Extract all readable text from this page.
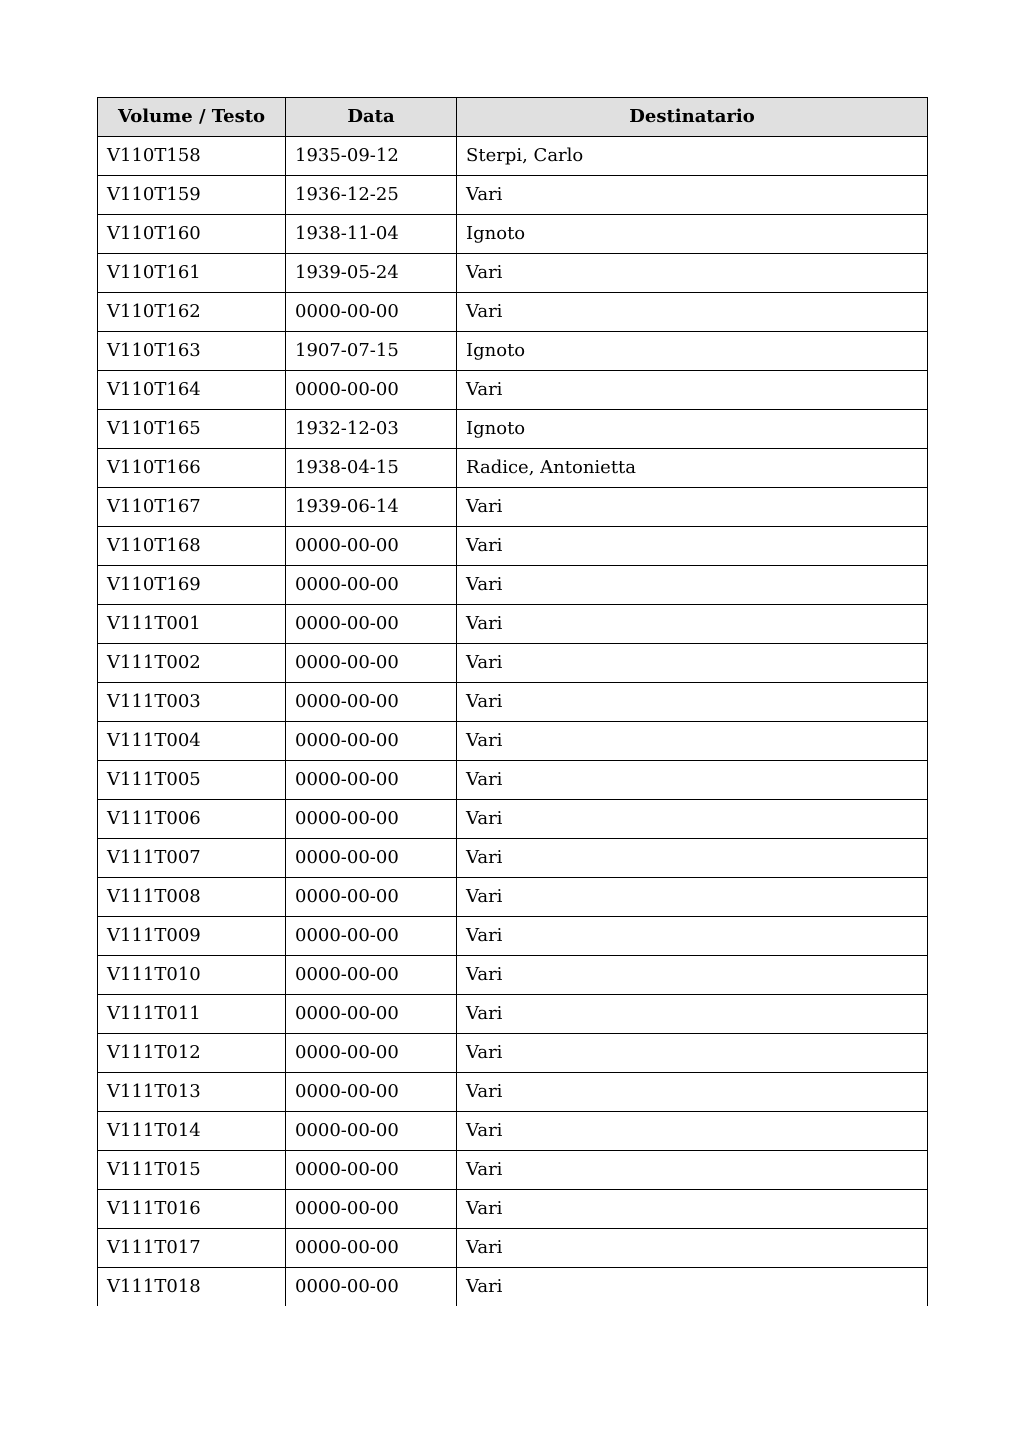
Volume / Testo	Data	Destinatario
V110T158	1935-09-12	Sterpi, Carlo
V110T159	1936-12-25	Vari
V110T160	1938-11-04	Ignoto
V110T161	1939-05-24	Vari
V110T162	0000-00-00	Vari
V110T163	1907-07-15	Ignoto
V110T164	0000-00-00	Vari
V110T165	1932-12-03	Ignoto
V110T166	1938-04-15	Radice, Antonietta
V110T167	1939-06-14	Vari
V110T168	0000-00-00	Vari
V110T169	0000-00-00	Vari
V111T001	0000-00-00	Vari
V111T002	0000-00-00	Vari
V111T003	0000-00-00	Vari
V111T004	0000-00-00	Vari
V111T005	0000-00-00	Vari
V111T006	0000-00-00	Vari
V111T007	0000-00-00	Vari
V111T008	0000-00-00	Vari
V111T009	0000-00-00	Vari
V111T010	0000-00-00	Vari
V111T011	0000-00-00	Vari
V111T012	0000-00-00	Vari
V111T013	0000-00-00	Vari
V111T014	0000-00-00	Vari
V111T015	0000-00-00	Vari
V111T016	0000-00-00	Vari
V111T017	0000-00-00	Vari
V111T018	0000-00-00	Vari
